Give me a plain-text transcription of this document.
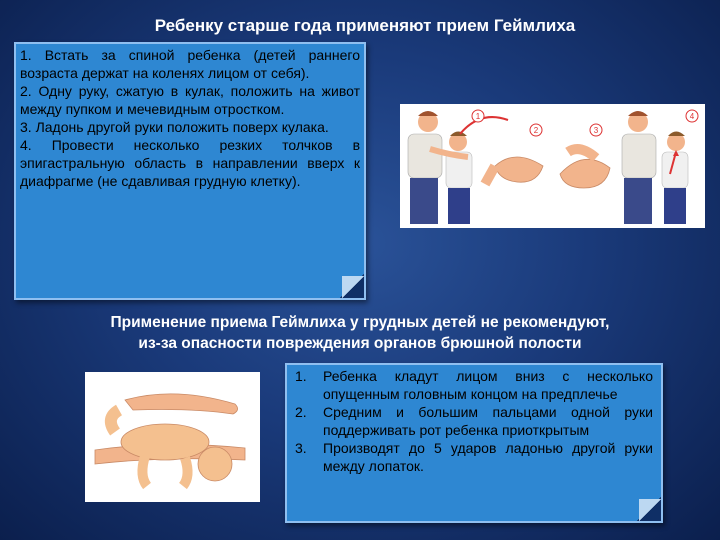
Ребенку старше года применяют прием Геймлиха

1. Встать за спиной ребенка (детей раннего возраста держат на коленях лицом от себя).

2. Одну руку, сжатую в кулак, положить на живот между пупком и мечевидным отростком.

3. Ладонь другой руки положить поверх кулака.

4. Провести несколько резких толчков в эпигастральную область в направлении вверх к диафрагме (не сдавливая грудную клетку).

1
2	3
4
Применение приема Геймлиха у грудных детей не рекомендуют,
из-за опасности повреждения органов брюшной полости
1. Ребенка кладут лицом вниз с несколько опущенным головным концом на предплечье
2. Средним и большим пальцами одной руки поддерживать рот ребенка приоткрытым
3. Производят до 5 ударов ладонью другой руки между лопаток.
